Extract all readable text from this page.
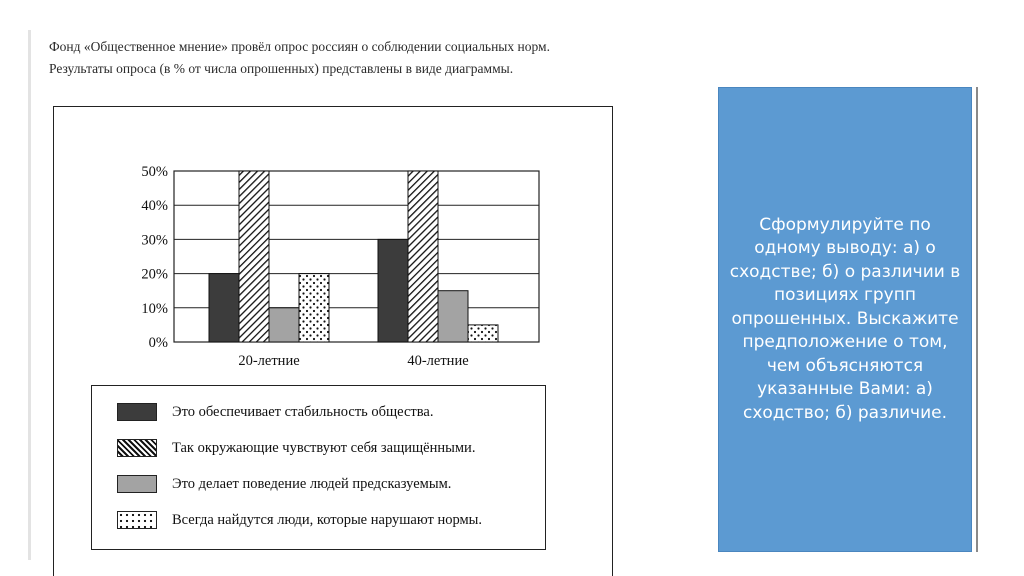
Фонд «Общественное мнение» провёл опрос россиян о соблюдении социальных норм.
Результаты опроса (в % от числа опрошенных) представлены в виде диаграммы.
0%
10%
20%
30%
40%
50%
20-летние	40-летние
Это обеспечивает стабильность общества.
Так окружающие чувствуют себя защищёнными.
Это делает поведение людей предсказуемым.
Всегда найдутся люди, которые нарушают нормы.
Сформулируйте по одному выводу: а) о сходстве; б) о различии в позициях групп опрошенных. Выскажите предположение о том, чем объясняются указанные Вами: а) сходство; б) различие.
